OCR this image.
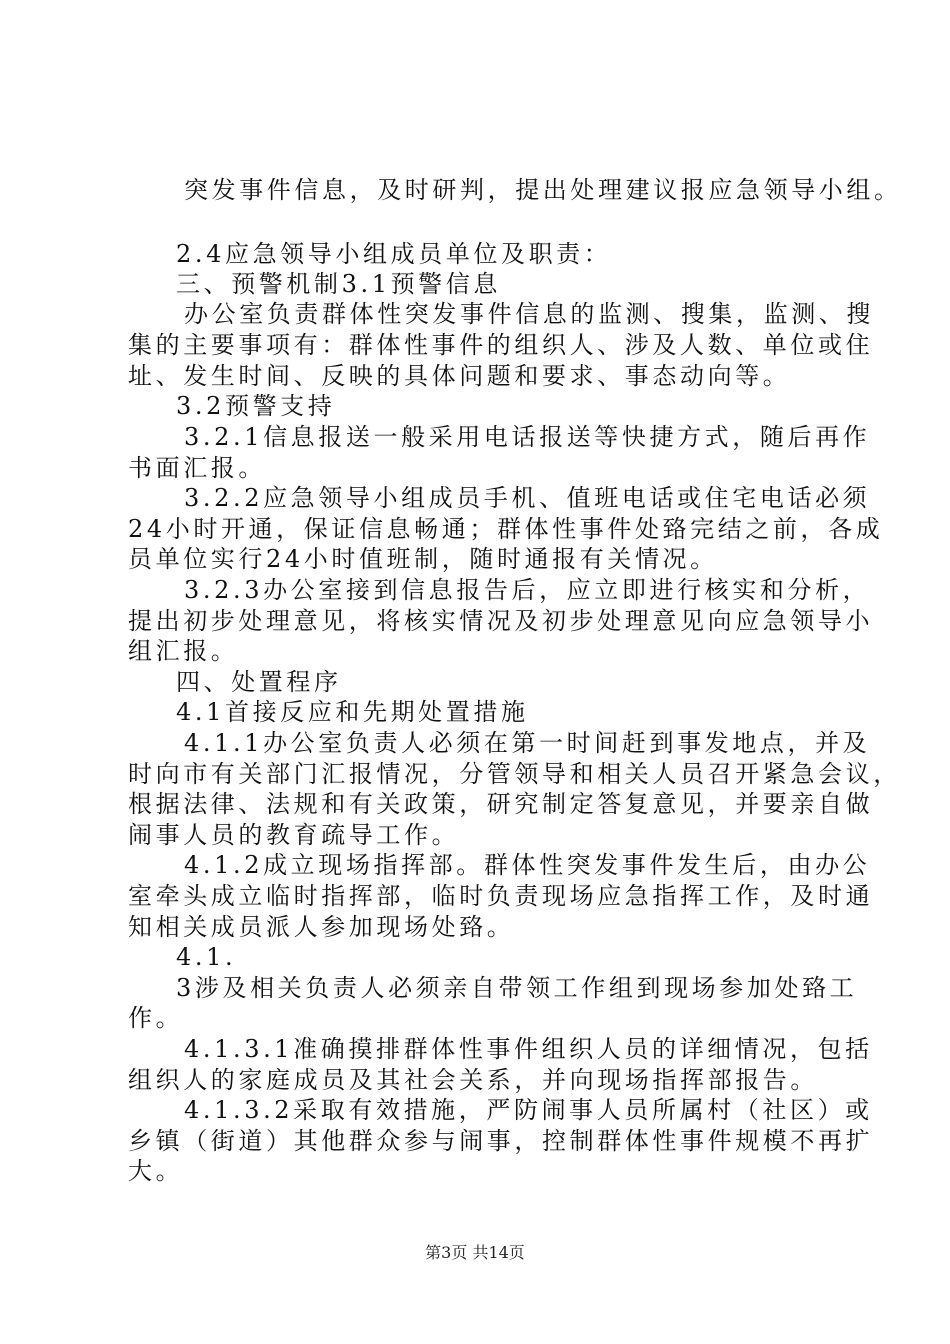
突发事件信息，及时研判，提出处理建议报应急领导小组。
2.4应急领导小组成员单位及职责：
三、预警机制3.1预警信息
办公室负责群体性突发事件信息的监测、搜集，监测、搜
集的主要事项有：群体性事件的组织人、涉及人数、单位或住
址、发生时间、反映的具体问题和要求、事态动向等。
3.2预警支持
3.2.1信息报送一般采用电话报送等快捷方式，随后再作
书面汇报。
3.2.2应急领导小组成员手机、值班电话或住宅电话必须
24小时开通，保证信息畅通；群体性事件处臵完结之前，各成
员单位实行24小时值班制，随时通报有关情况。
3.2.3办公室接到信息报告后，应立即进行核实和分析，
提出初步处理意见，将核实情况及初步处理意见向应急领导小
组汇报。
四、处置程序
4.1首接反应和先期处置措施
4.1.1办公室负责人必须在第一时间赶到事发地点，并及
时向市有关部门汇报情况，分管领导和相关人员召开紧急会议，
根据法律、法规和有关政策，研究制定答复意见，并要亲自做
闹事人员的教育疏导工作。
4.1.2成立现场指挥部。群体性突发事件发生后，由办公
室牵头成立临时指挥部，临时负责现场应急指挥工作，及时通
知相关成员派人参加现场处臵。
4.1.
3涉及相关负责人必须亲自带领工作组到现场参加处臵工
作。
4.1.3.1准确摸排群体性事件组织人员的详细情况，包括
组织人的家庭成员及其社会关系，并向现场指挥部报告。
4.1.3.2采取有效措施，严防闹事人员所属村（社区）或
乡镇（街道）其他群众参与闹事，控制群体性事件规模不再扩
大。
第3页 共14页
